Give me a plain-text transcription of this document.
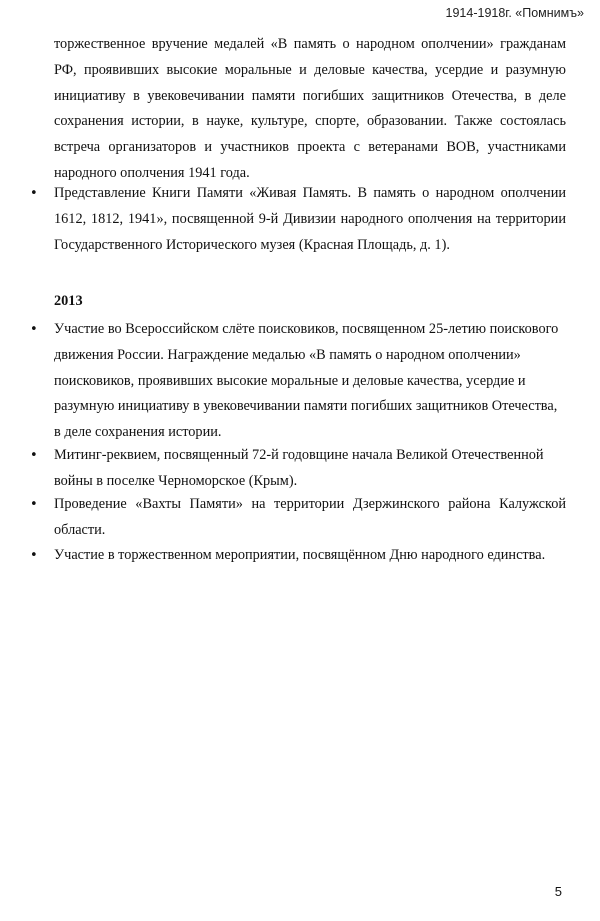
1914-1918г. «Помнимъ»

торжественное вручение медалей «В память о народном ополчении» гражданам РФ, проявивших высокие моральные и деловые качества, усердие и разумную инициативу в увековечивании памяти погибших защитников Отечества, в деле сохранения истории, в науке, культуре, спорте, образовании. Также состоялась встреча организаторов и участников проекта с ветеранами ВОВ, участниками народного ополчения 1941 года.

• Представление Книги Памяти «Живая Память. В память о народном ополчении 1612, 1812, 1941», посвященной 9-й Дивизии народного ополчения на территории Государственного Исторического музея (Красная Площадь, д. 1).

2013
• Участие во Всероссийском слёте поисковиков, посвященном 25-летию поискового
движения России. Награждение медалью «В память о народном ополчении»
поисковиков, проявивших высокие моральные и деловые качества, усердие и
разумную инициативу в увековечивании памяти погибших защитников Отечества,
в деле сохранения истории.
• Митинг-реквием, посвященный 72-й годовщине начала Великой Отечественной
войны в поселке Черноморское (Крым).
• Проведение «Вахты Памяти» на территории Дзержинского района Калужской области.

• Участие в торжественном мероприятии, посвящённом Дню народного единства.

5
